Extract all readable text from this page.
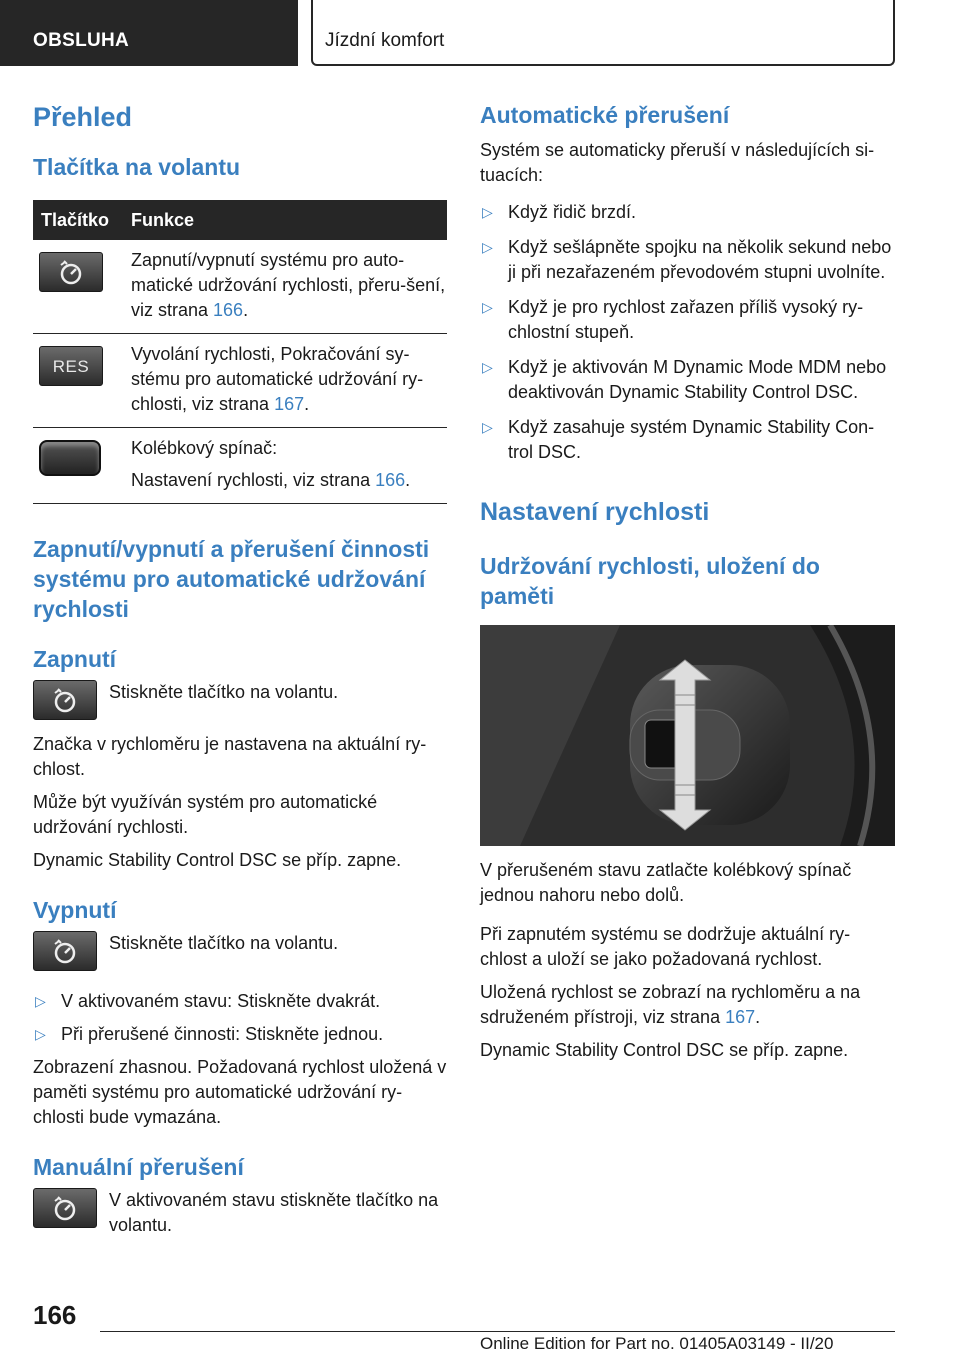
OBSLUHA	Jízdní komfort
Přehled
Tlačítka na volantu
Tlačítko	Funkce

	Zapnutí/vypnutí systému pro auto-matické udržování rychlosti, přeru-šení, viz strana 166.

RES	Vyvolání rychlosti, Pokračování sy-stému pro automatické udržování ry-chlosti, viz strana 167.

	Kolébkový spínač:
Nastavení rychlosti, viz strana 166.
Zapnutí/vypnutí a přerušení činnosti systému pro automatické udržování rychlosti
Zapnutí

Stiskněte tlačítko na volantu.

Značka v rychloměru je nastavena na aktuální ry-chlost.

Může být využíván systém pro automatické udržování rychlosti.

Dynamic Stability Control DSC se příp. zapne.

Vypnutí

Stiskněte tlačítko na volantu.

▷ V aktivovaném stavu: Stiskněte dvakrát.
▷ Při přerušené činnosti: Stiskněte jednou.

Zobrazení zhasnou. Požadovaná rychlost uložená v paměti systému pro automatické udržování ry-chlosti bude vymazána.

Manuální přerušení

V aktivovaném stavu stiskněte tlačítko na volantu.

Automatické přerušení

Systém se automaticky přeruší v následujících si-tuacích:

▷ Když řidič brzdí.
▷ Když sešlápněte spojku na několik sekund nebo ji při nezařazeném převodovém stupni uvolníte.
▷ Když je pro rychlost zařazen příliš vysoký ry-chlostní stupeň.
▷ Když je aktivován M Dynamic Mode MDM nebo deaktivován Dynamic Stability Control DSC.
▷ Když zasahuje systém Dynamic Stability Con-trol DSC.
Nastavení rychlosti
Udržování rychlosti, uložení do paměti

V přerušeném stavu zatlačte kolébkový spínač jednou nahoru nebo dolů.

Při zapnutém systému se dodržuje aktuální ry-chlost a uloží se jako požadovaná rychlost.

Uložená rychlost se zobrazí na rychloměru a na sdruženém přístroji, viz strana 167.

Dynamic Stability Control DSC se příp. zapne.

166
Online Edition for Part no. 01405A03149 - II/20
